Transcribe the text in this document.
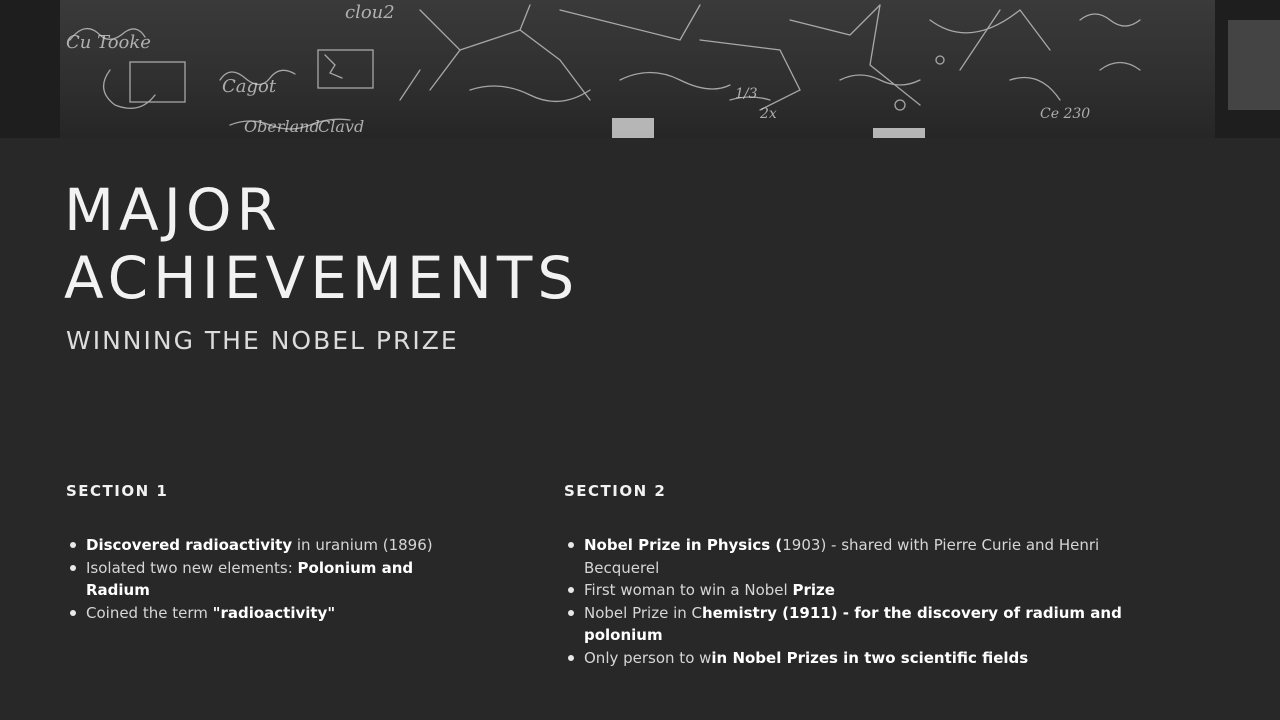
Cu Tooke
clou2
Cagot
Oberland
Clavd
1/3
2x	Ce 230
MAJOR
ACHIEVEMENTS
WINNING THE NOBEL PRIZE
SECTION 1
Discovered radioactivity in uranium (1896)
Isolated two new elements: Polonium and Radium
Coined the term "radioactivity"
SECTION 2
Nobel Prize in Physics (1903) - shared with Pierre Curie and Henri Becquerel
First woman to win a Nobel Prize
Nobel Prize in Chemistry (1911) - for the discovery of radium and polonium
Only person to win Nobel Prizes in two scientific fields
